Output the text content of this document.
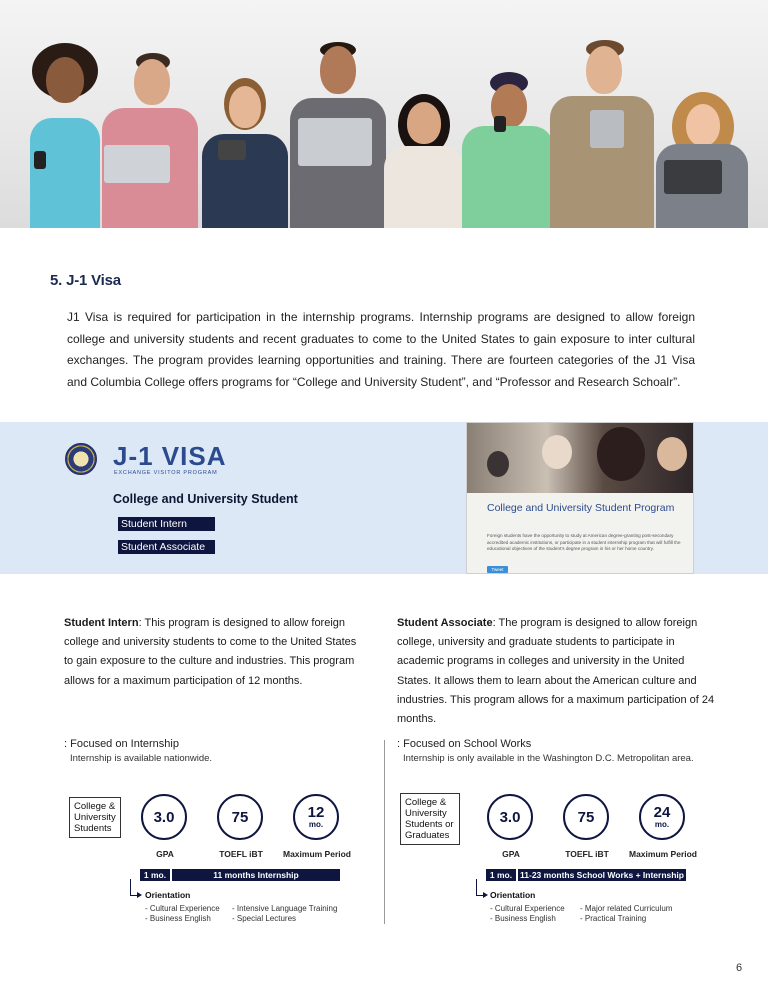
5. J-1 Visa

J1 Visa is required for participation in the internship programs. Internship programs are designed to allow foreign college and university students and recent graduates to come to the United States to gain exposure to inter cultural exchanges. The program provides learning opportunities and training. There are fourteen categories of the J1 Visa and Columbia College offers programs for “College and University Student”, and “Professor and Research Schoalr”.

J-1 VISA
EXCHANGE VISITOR PROGRAM
College and University Student
Student Intern
Student Associate
College and University Student Program
Foreign students have the opportunity to study at American degree-granting post-secondary accredited academic institutions, or participate in a student internship program that will fulfill the educational objectives of the student’s degree program in his or her home country.
Tweet

Student Intern: This program is designed to allow foreign college and university students to come to the United States to gain exposure to the culture and industries. This program allows for a maximum participation of 12 months.

Student Associate: The program is designed to allow foreign college, university and graduate students to participate in academic programs in colleges and university in the United States. It allows them to learn about the American culture and industries. This program allows for a maximum participation of 24 months.

: Focused on Internship
Internship is available nationwide.
: Focused on School Works
Internship is only available in the Washington D.C. Metropolitan area.
College & University Students
3.0	75	12
mo.
GPA	TOEFL iBT	Maximum Period
1 mo.	11 months Internship
Orientation
- Cultural Experience
- Business English
- Intensive Language Training
- Special Lectures
College & University Students or Graduates
3.0	75	24
mo.
GPA	TOEFL iBT	Maximum Period
1 mo. 11-23 months School Works + Internship
Orientation
- Cultural Experience
- Business English
- Major related Curriculum
- Practical Training
6
